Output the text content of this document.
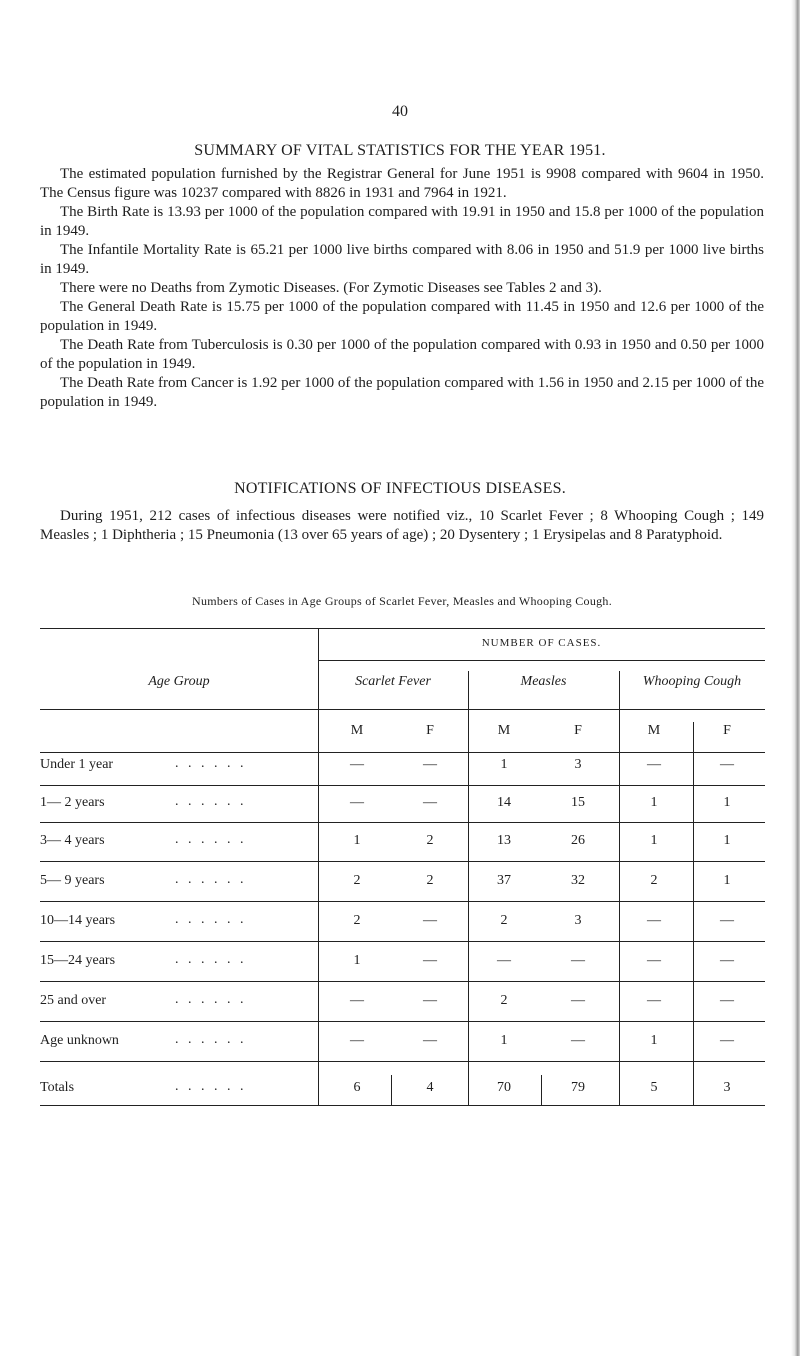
40
SUMMARY OF VITAL STATISTICS FOR THE YEAR 1951.

The estimated population furnished by the Registrar General for June 1951 is 9908 compared with 9604 in 1950. The Census figure was 10237 compared with 8826 in 1931 and 7964 in 1921.

The Birth Rate is 13.93 per 1000 of the population compared with 19.91 in 1950 and 15.8 per 1000 of the population in 1949.

The Infantile Mortality Rate is 65.21 per 1000 live births compared with 8.06 in 1950 and 51.9 per 1000 live births in 1949.

There were no Deaths from Zymotic Diseases. (For Zymotic Diseases see Tables 2 and 3).

The General Death Rate is 15.75 per 1000 of the population compared with 11.45 in 1950 and 12.6 per 1000 of the population in 1949.

The Death Rate from Tuberculosis is 0.30 per 1000 of the population compared with 0.93 in 1950 and 0.50 per 1000 of the population in 1949.

The Death Rate from Cancer is 1.92 per 1000 of the population compared with 1.56 in 1950 and 2.15 per 1000 of the population in 1949.

NOTIFICATIONS OF INFECTIOUS DISEASES.

During 1951, 212 cases of infectious diseases were notified viz., 10 Scarlet Fever ; 8 Whooping Cough ; 149 Measles ; 1 Diphtheria ; 15 Pneumonia (13 over 65 years of age) ; 20 Dysentery ; 1 Erysipelas and 8 Paratyphoid.

Numbers of Cases in Age Groups of Scarlet Fever, Measles and Whooping Cough.
Age Group
NUMBER OF CASES.
Scarlet Fever	Measles	Whooping Cough
M	F	M	F	M	F
Under 1 year	. . . . . .	—	—	1	3	—	—
1— 2 years	. . . . . .	—	—	14	15	1	1
3— 4 years	. . . . . .	1	2	13	26	1	1
5— 9 years	. . . . . .	2	2	37	32	2	1
10—14 years	. . . . . .	2	—	2	3	—	—
15—24 years	. . . . . .	1	—	—	—	—	—
25 and over	. . . . . .	—	—	2	—	—	—
Age unknown	. . . . . .	—	—	1	—	1	—
Totals	. . . . . .	6	4	70	79	5	3
